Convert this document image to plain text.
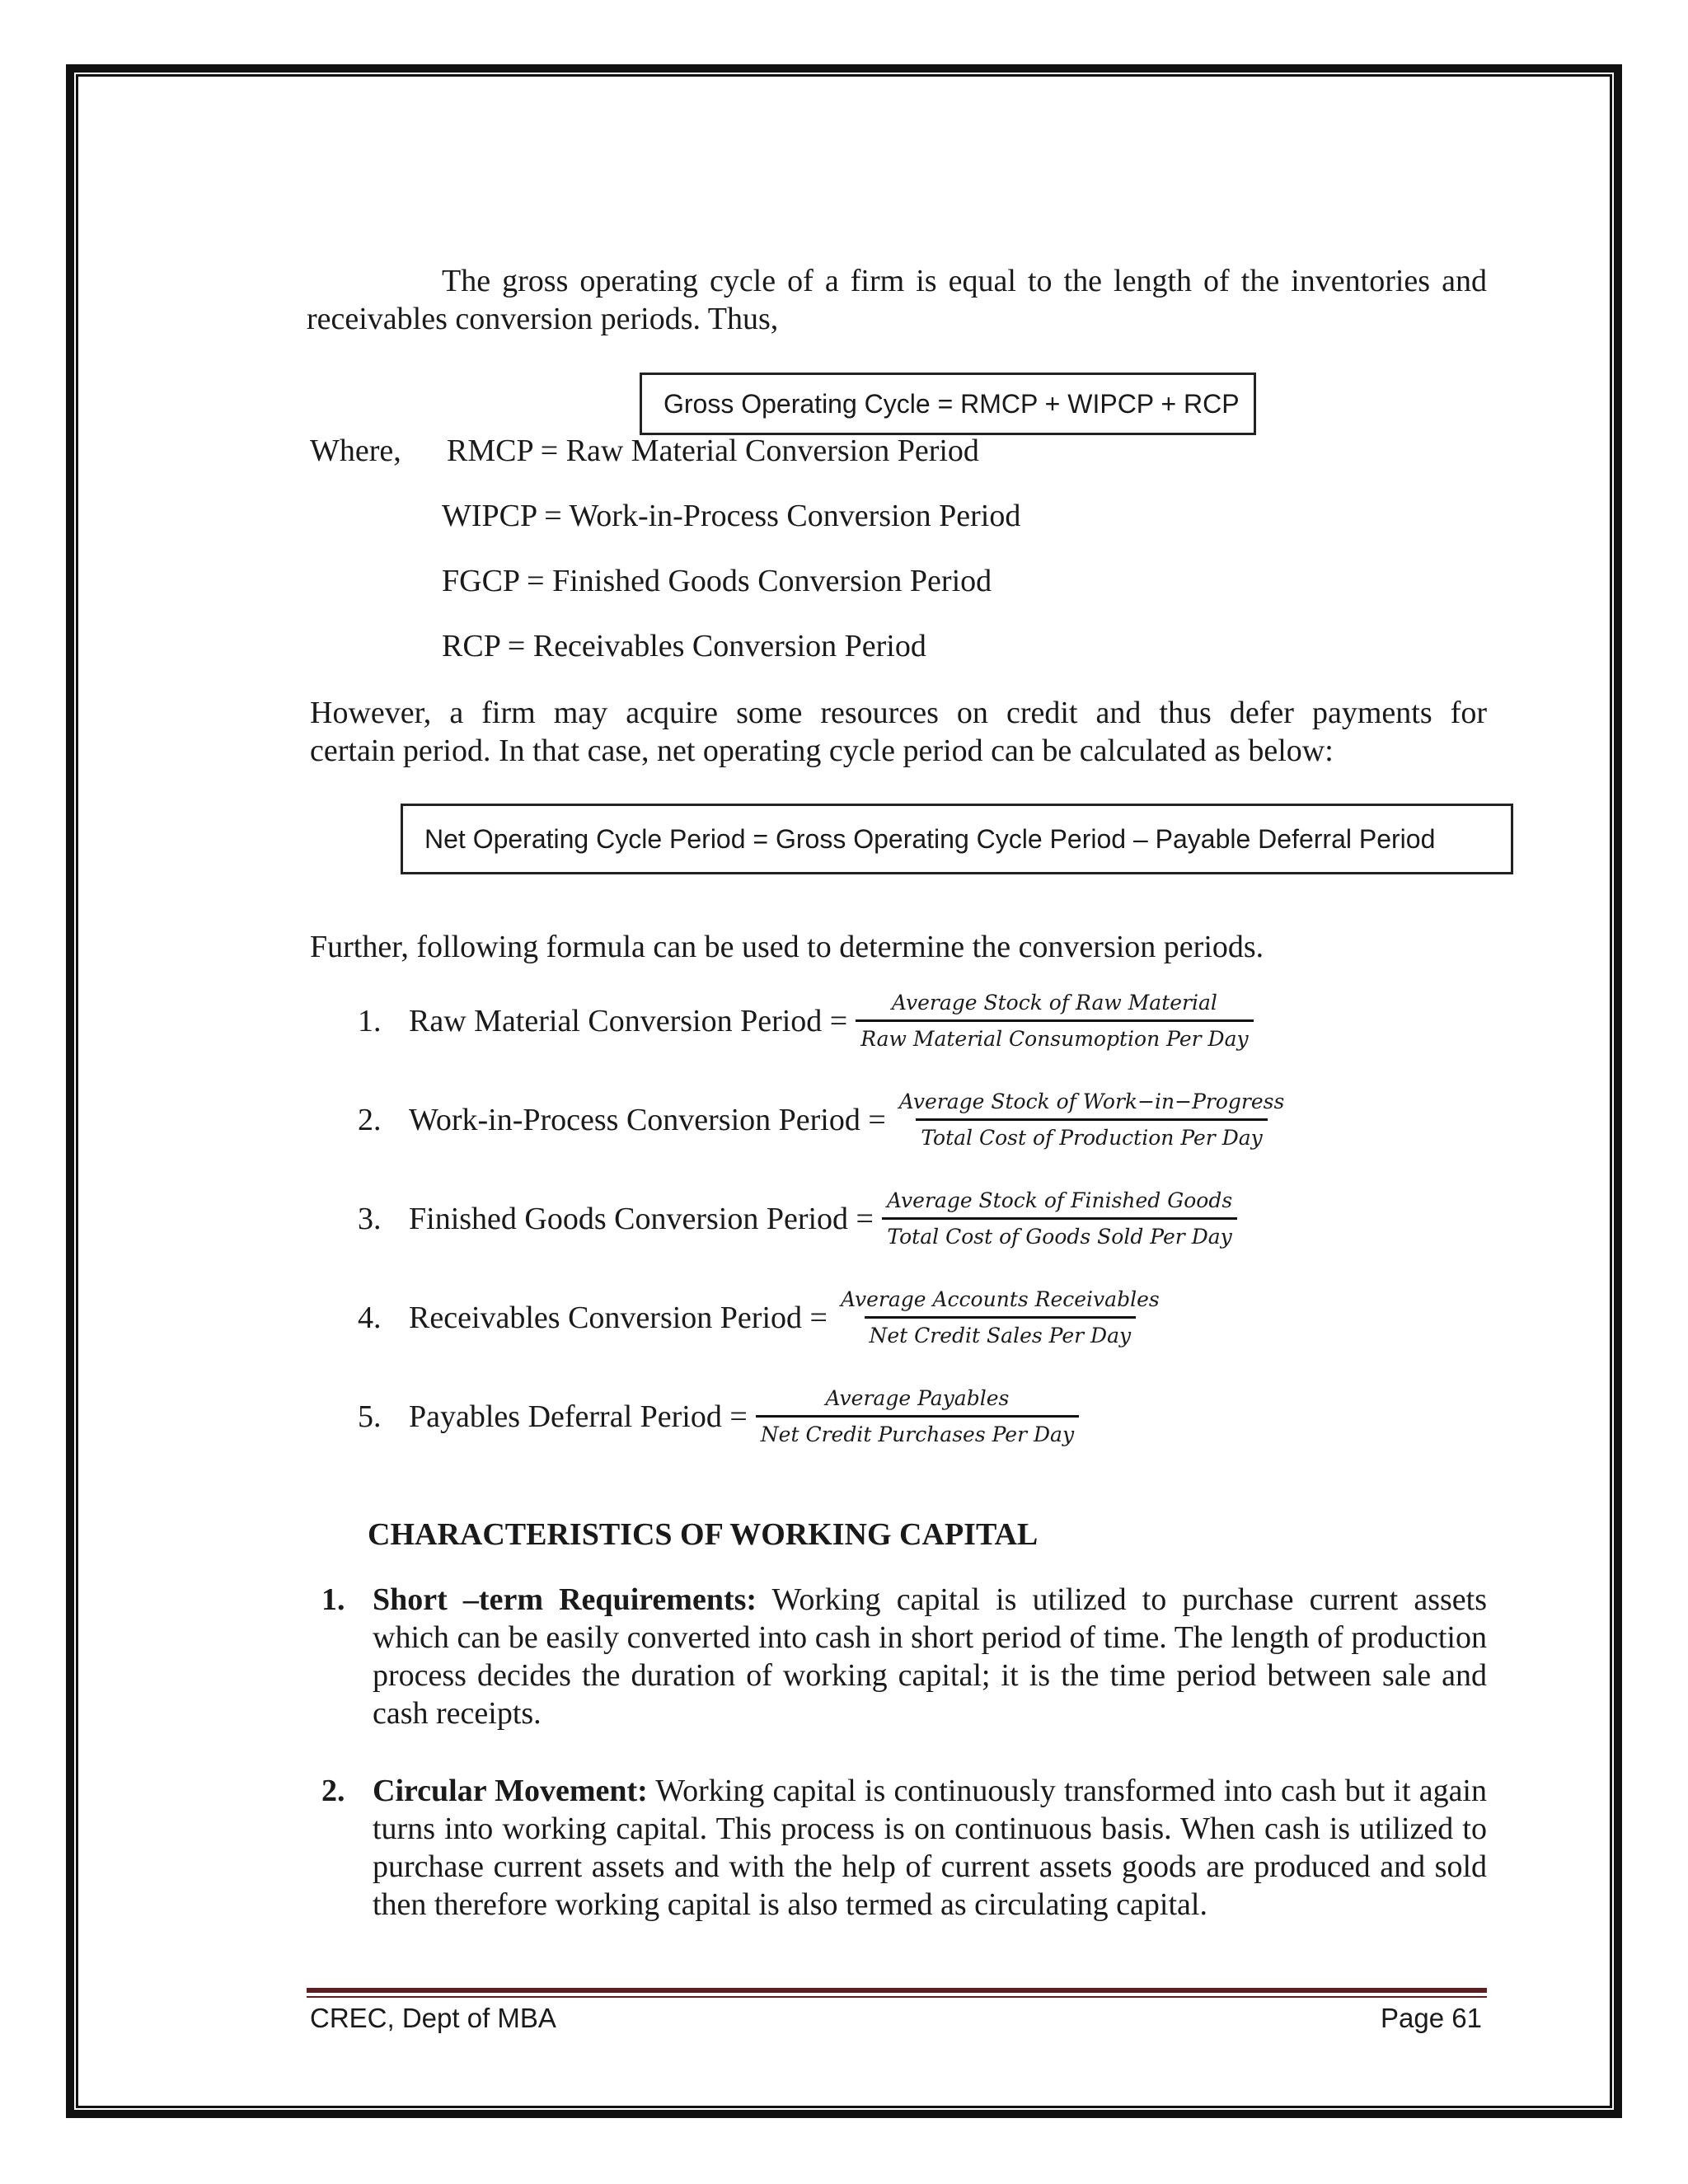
The gross operating cycle of a firm is equal to the length of the inventories and

receivables conversion periods. Thus,

Gross Operating Cycle = RMCP + WIPCP + RCP
Where, RMCP = Raw Material Conversion Period
WIPCP = Work-in-Process Conversion Period
FGCP = Finished Goods Conversion Period
RCP = Receivables Conversion Period

However, a firm may acquire some resources on credit and thus defer payments for

certain period. In that case, net operating cycle period can be calculated as below:

Net Operating Cycle Period = Gross Operating Cycle Period – Payable Deferral Period

Further, following formula can be used to determine the conversion periods.

1. Raw Material Conversion Period = $\frac{\text{Average Stock of Raw Material}}{\text{Raw Material Consumoption Per Day}}$
2. Work-in-Process Conversion Period = $\frac{\text{Average Stock of Work−in−Progress}}{\text{Total Cost of Production Per Day}}$
3. Finished Goods Conversion Period = $\frac{\text{Average Stock of Finished Goods}}{\text{Total Cost of Goods Sold Per Day}}$
4. Receivables Conversion Period = $\frac{\text{Average Accounts Receivables}}{\text{Net Credit Sales Per Day}}$
5. Payables Deferral Period = $\frac{\text{Average Payables}}{\text{Net Credit Purchases Per Day}}$
CHARACTERISTICS OF WORKING CAPITAL
1. Short –term Requirements: Working capital is utilized to purchase current assets which can be easily converted into cash in short period of time. The length of production process decides the duration of working capital; it is the time period between sale and cash receipts.
2. Circular Movement: Working capital is continuously transformed into cash but it again turns into working capital. This process is on continuous basis. When cash is utilized to purchase current assets and with the help of current assets goods are produced and sold then therefore working capital is also termed as circulating capital.
CREC, Dept of MBA	Page 61
